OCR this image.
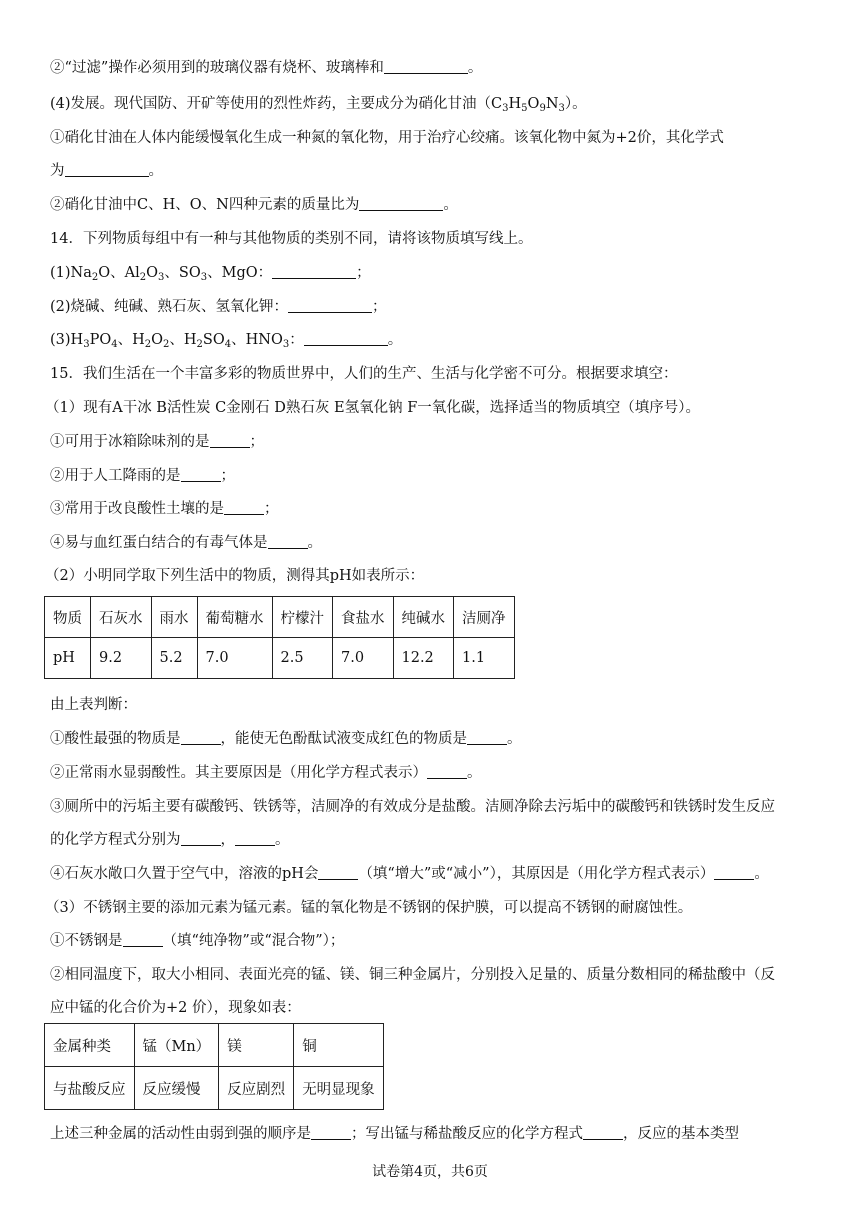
②“过滤”操作必须用到的玻璃仪器有烧杯、玻璃棒和	。
(4)发展。现代国防、开矿等使用的烈性炸药，主要成分为硝化甘油$(C_3H_5O_9N_3)$。
①硝化甘油在人体内能缓慢氧化生成一种氮的氧化物，用于治疗心绞痛。该氧化物中氮为+2价，其化学式
为	。
②硝化甘油中C、H、O、N四种元素的质量比为	。
14．下列物质每组中有一种与其他物质的类别不同，请将该物质填写线上。
$(1)Na_2O$、$Al_2O_3$、$SO_3$、MgO：	；
(2)烧碱、纯碱、熟石灰、氢氧化钾：	；
$(3)H_3PO_4$、$H_2O_2$、$H_2SO_4$、$HNO_3$：	。
15．我们生活在一个丰富多彩的物质世界中，人们的生产、生活与化学密不可分。根据要求填空：
（1）现有A干冰 B活性炭 C金刚石 D熟石灰 E氢氧化钠 F一氧化碳，选择适当的物质填空（填序号）。
①可用于冰箱除味剂的是	；
②用于人工降雨的是	；
③常用于改良酸性土壤的是	；
④易与血红蛋白结合的有毒气体是	。
（2）小明同学取下列生活中的物质，测得其pH如表所示：
物质	石灰水	雨水	葡萄糖水	柠檬汁	食盐水	纯碱水	洁厕净
pH	9.2	5.2	7.0	2.5	7.0	12.2	1.1
由上表判断：
①酸性最强的物质是	，能使无色酚酞试液变成红色的物质是	。
②正常雨水显弱酸性。其主要原因是（用化学方程式表示）	。
③厕所中的污垢主要有碳酸钙、铁锈等，洁厕净的有效成分是盐酸。洁厕净除去污垢中的碳酸钙和铁锈时发生反应
的化学方程式分别为	，	。
④石灰水敞口久置于空气中，溶液的pH会	（填“增大”或“减小”），其原因是（用化学方程式表示）	。
（3）不锈钢主要的添加元素为锰元素。锰的氧化物是不锈钢的保护膜，可以提高不锈钢的耐腐蚀性。
①不锈钢是	（填“纯净物”或“混合物”）；
②相同温度下，取大小相同、表面光亮的锰、镁、铜三种金属片，分别投入足量的、质量分数相同的稀盐酸中（反
应中锰的化合价为+2 价），现象如表：
金属种类	锰（Mn）	镁	铜
与盐酸反应	反应缓慢	反应剧烈	无明显现象
上述三种金属的活动性由弱到强的顺序是	；写出锰与稀盐酸反应的化学方程式	，反应的基本类型
试卷第4页，共6页
